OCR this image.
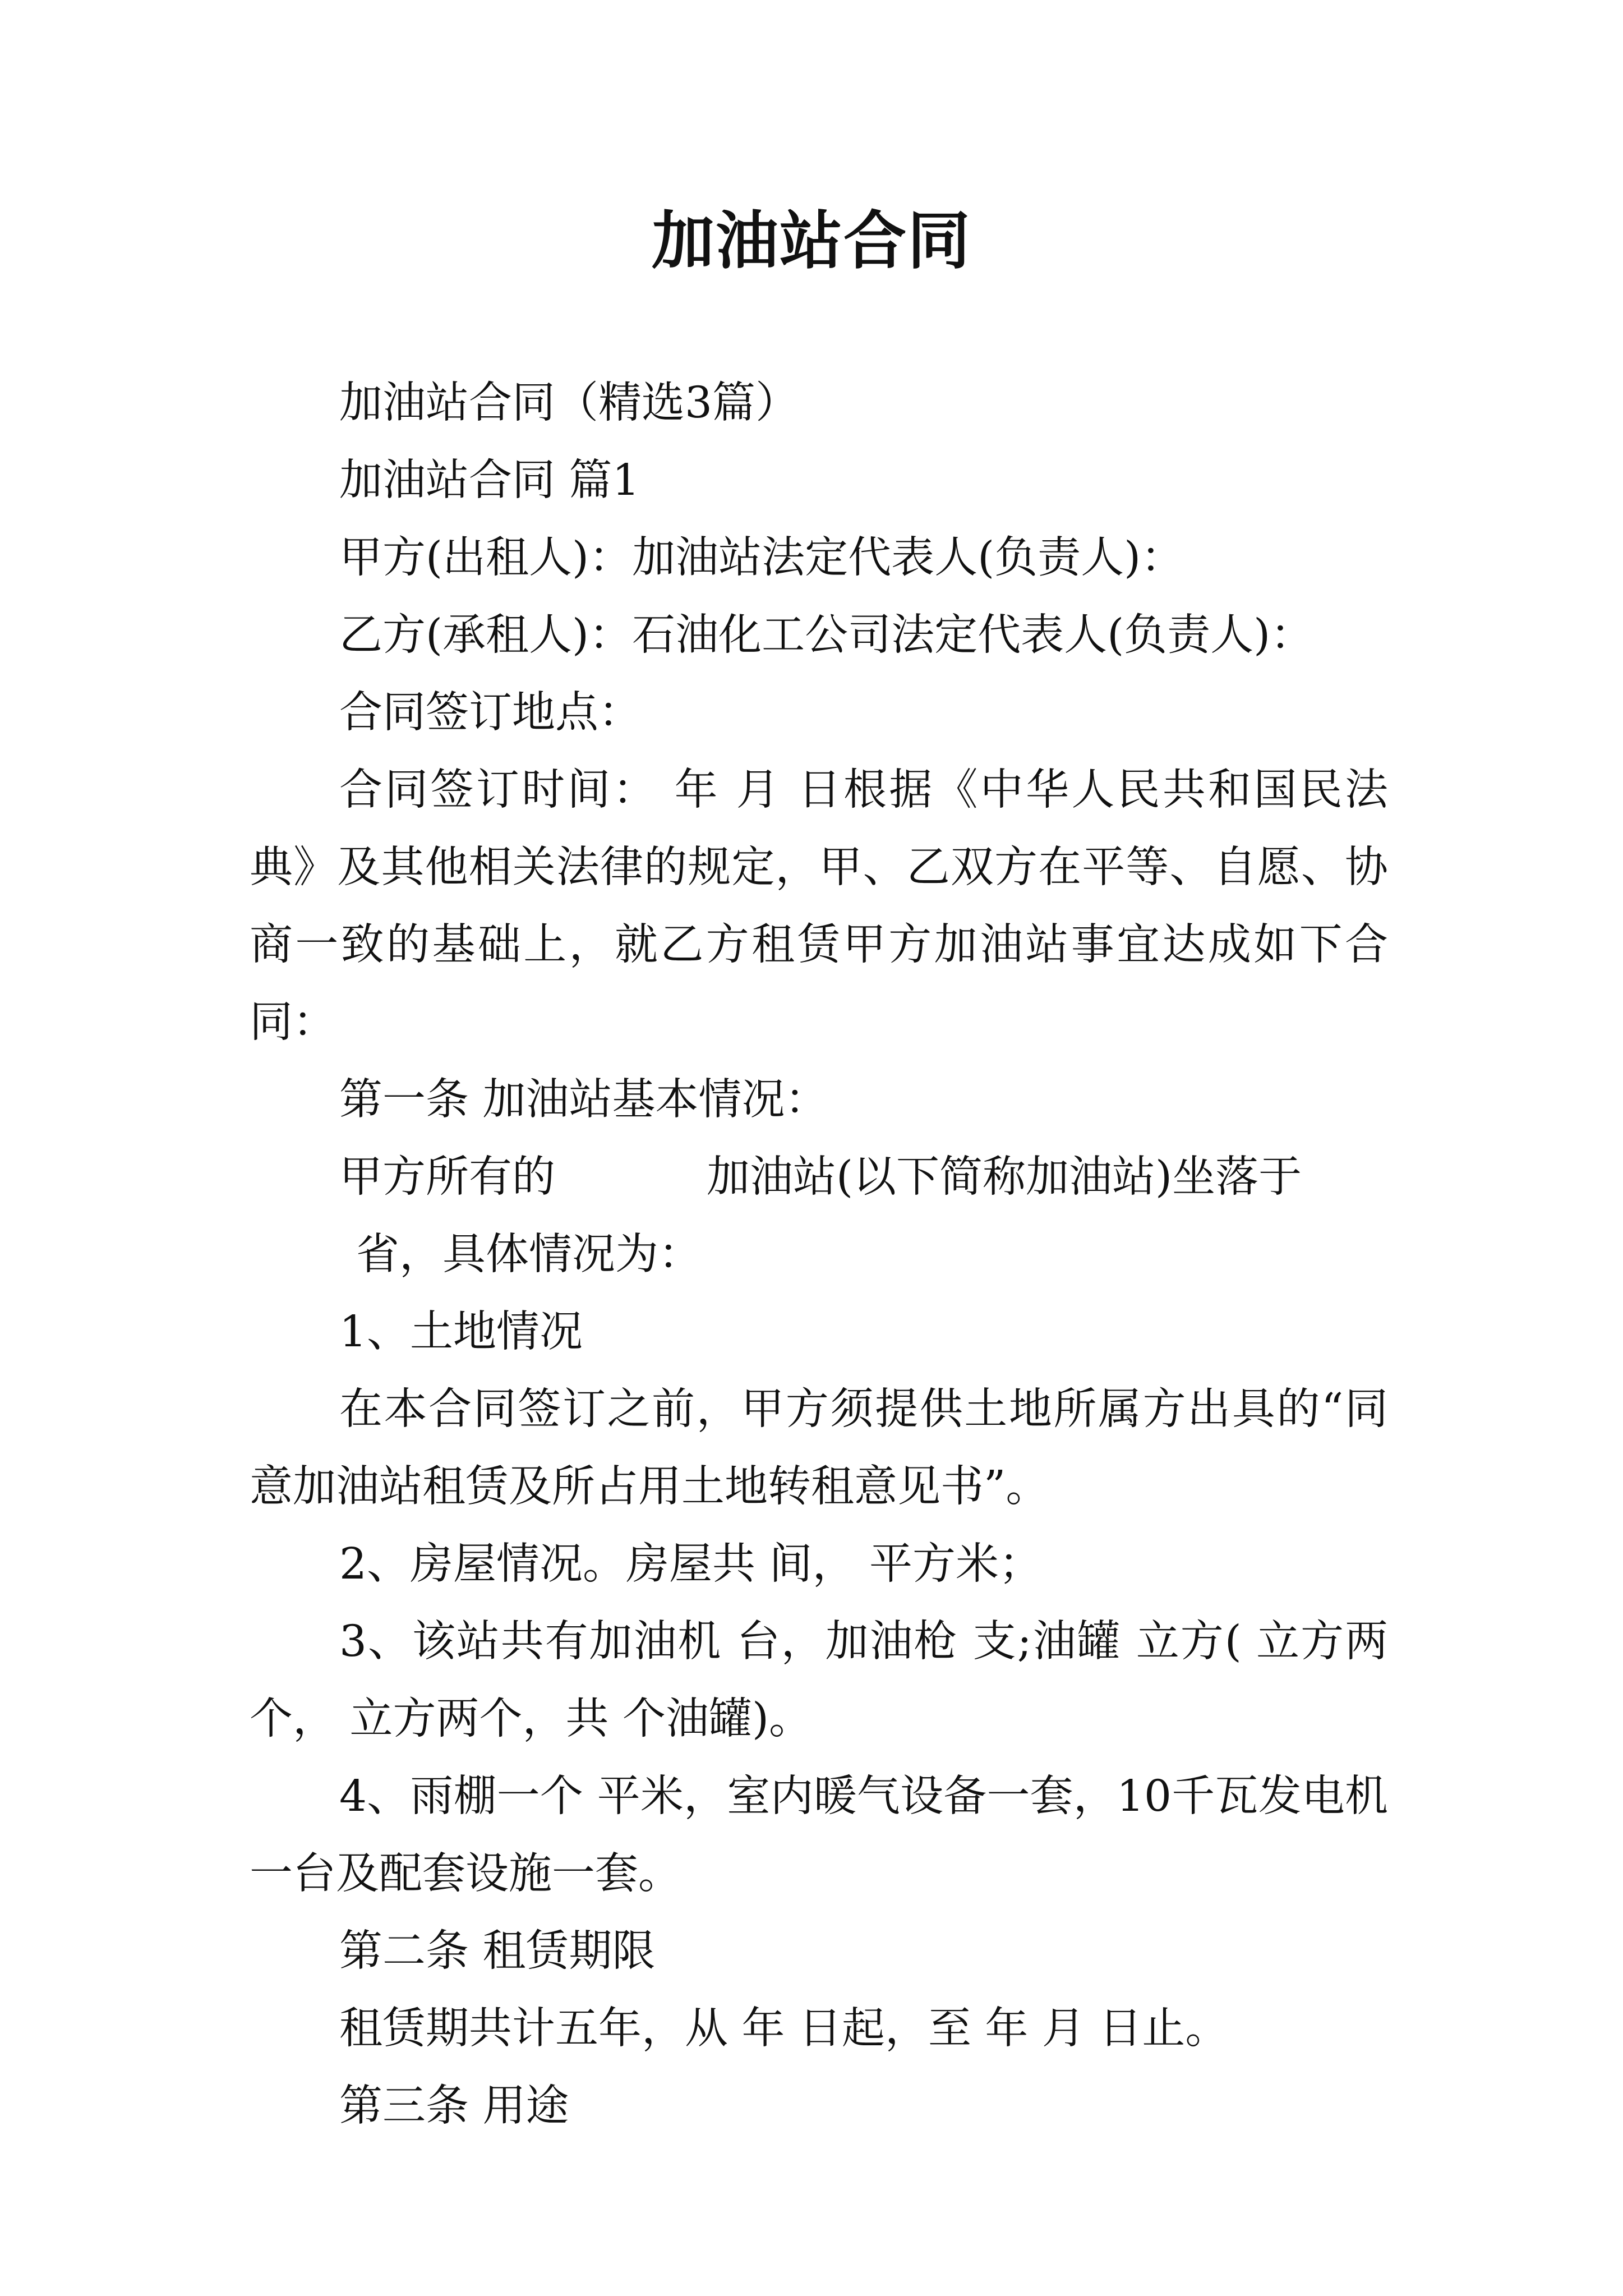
加油站合同

加油站合同（精选3篇）

加油站合同 篇1

甲方(出租人)：加油站法定代表人(负责人)：

乙方(承租人)：石油化工公司法定代表人(负责人)：

合同签订地点：

合同签订时间： 年 月 日根据《中华人民共和国民法典》及其他相关法律的规定，甲、乙双方在平等、自愿、协商一致的基础上，就乙方租赁甲方加油站事宜达成如下合同：

第一条 加油站基本情况：

甲方所有的	加油站(以下简称加油站)坐落于

省，具体情况为：

1、土地情况

在本合同签订之前，甲方须提供土地所属方出具的“同意加油站租赁及所占用土地转租意见书”。

2、房屋情况。房屋共 间， 平方米；

3、该站共有加油机 台，加油枪 支;油罐 立方( 立方两个， 立方两个，共 个油罐)。

4、雨棚一个 平米，室内暖气设备一套，10千瓦发电机一台及配套设施一套。

第二条 租赁期限

租赁期共计五年，从 年 日起，至 年 月 日止。

第三条 用途
